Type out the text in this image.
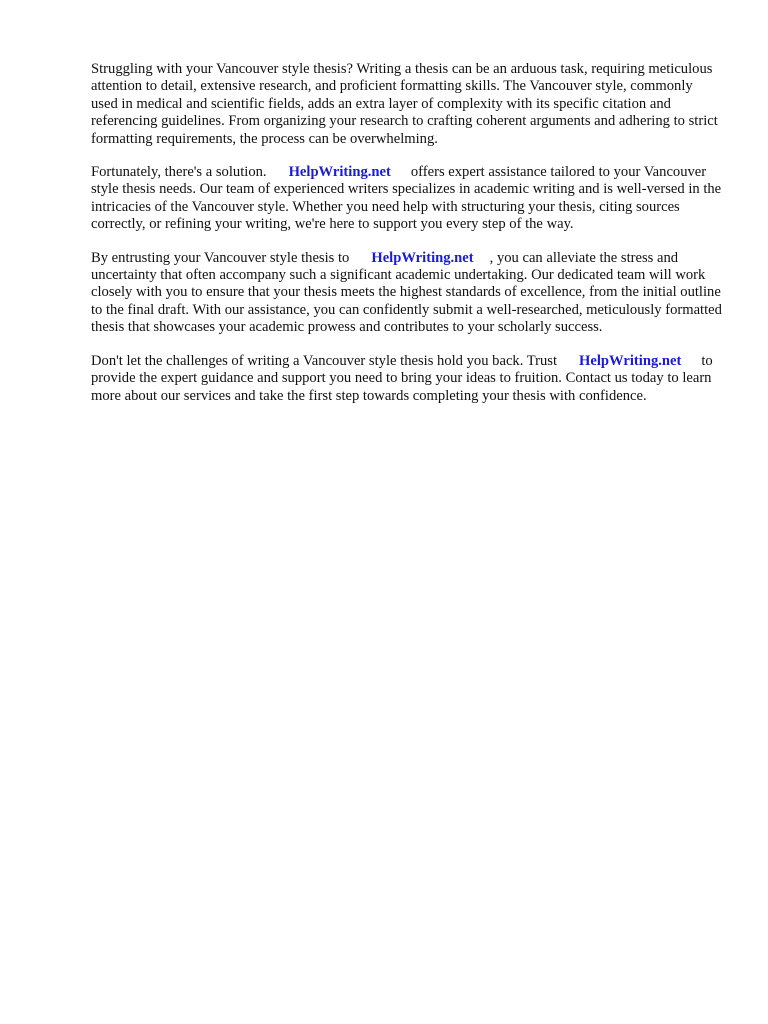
Struggling with your Vancouver style thesis? Writing a thesis can be an arduous task, requiring meticulous attention to detail, extensive research, and proficient formatting skills. The Vancouver style, commonly used in medical and scientific fields, adds an extra layer of complexity with its specific citation and referencing guidelines. From organizing your research to crafting coherent arguments and adhering to strict formatting requirements, the process can be overwhelming.

Fortunately, there's a solution. HelpWriting.net offers expert assistance tailored to your Vancouver style thesis needs. Our team of experienced writers specializes in academic writing and is well-versed in the intricacies of the Vancouver style. Whether you need help with structuring your thesis, citing sources correctly, or refining your writing, we're here to support you every step of the way.

By entrusting your Vancouver style thesis to HelpWriting.net , you can alleviate the stress and uncertainty that often accompany such a significant academic undertaking. Our dedicated team will work closely with you to ensure that your thesis meets the highest standards of excellence, from the initial outline to the final draft. With our assistance, you can confidently submit a well-researched, meticulously formatted thesis that showcases your academic prowess and contributes to your scholarly success.

Don't let the challenges of writing a Vancouver style thesis hold you back. Trust HelpWriting.net to provide the expert guidance and support you need to bring your ideas to fruition. Contact us today to learn more about our services and take the first step towards completing your thesis with confidence.
